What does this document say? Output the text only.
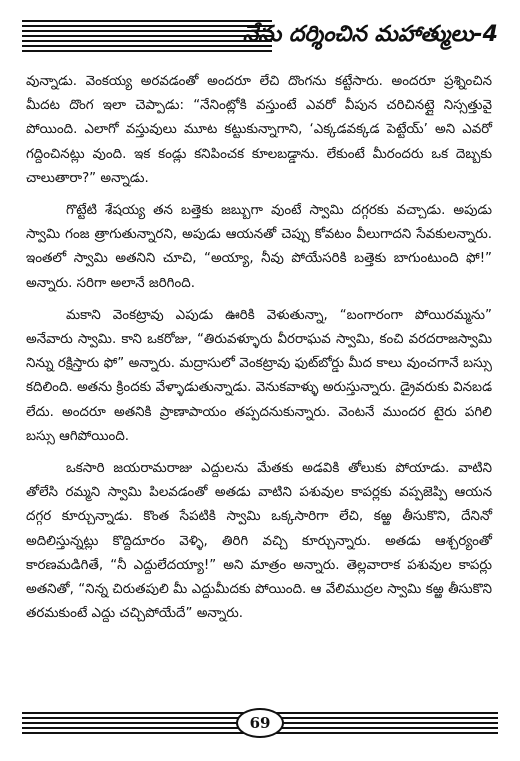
నేను దర్శించిన మహాత్ములు-4

వున్నాడు. వెంకయ్య అరవడంతో అందరూ లేచి దొంగను కట్టేసారు. అందరూ ప్రశ్నించిన మీదట దొంగ ఇలా చెప్పాడు: “నేనింట్లోకి వస్తుంటే ఎవరో వీపున చరిచినట్లై నిస్సత్తువై పోయింది. ఎలాగో వస్తువులు మూట కట్టుకున్నాగాని, ‘ఎక్కడవక్కడ పెట్టేయ్’ అని ఎవరో గద్దించినట్లు వుంది. ఇక కండ్లు కనిపించక కూలబడ్డాను. లేకుంటే మీరందరు ఒక దెబ్బకు చాలుతారా?” అన్నాడు.

గొట్టేటి శేషయ్య తన బత్తెకు జబ్బుగా వుంటే స్వామి దగ్గరకు వచ్చాడు. అపుడు స్వామి గంజ త్రాగుతున్నారని, అపుడు ఆయనతో చెప్పు కోవటం వీలుగాదని సేవకులన్నారు. ఇంతలో స్వామి అతనిని చూచి, “అయ్యా, నీవు పోయేసరికి బత్తెకు బాగుంటుంది ఫో!” అన్నారు. సరిగా అలానే జరిగింది.

మకాని వెంకట్రావు ఎపుడు ఊరికి వెళుతున్నా, “బంగారంగా పోయిరమ్మను” అనేవారు స్వామి. కాని ఒకరోజు, “తిరువళ్ళూరు వీరరాఘవ స్వామి, కంచి వరదరాజస్వామి నిన్ను రక్షిస్తారు ఫో” అన్నారు. మద్రాసులో వెంకట్రావు ఫుట్‌బోర్డు మీద కాలు వుంచగానే బస్సు కదిలింది. అతను క్రిందకు వేళ్ళాడుతున్నాడు. వెనుకవాళ్ళు అరుస్తున్నారు. డ్రైవరుకు వినబడ లేదు. అందరూ అతనికి ప్రాణాపాయం తప్పదనుకున్నారు. వెంటనే ముందర టైరు పగిలి బస్సు ఆగిపోయింది.

ఒకసారి జయరామరాజు ఎద్దులను మేతకు అడవికి తోలుకు పోయాడు. వాటిని తోలేసి రమ్మని స్వామి పిలవడంతో అతడు వాటిని పశువుల కాపర్లకు వప్పజెప్పి ఆయన దగ్గర కూర్చున్నాడు. కొంత సేపటికి స్వామి ఒక్కసారిగా లేచి, కఱ్ఱ తీసుకొని, దేనినో అదిలిస్తున్నట్లు కొద్దిదూరం వెళ్ళి, తిరిగి వచ్చి కూర్చున్నారు. అతడు ఆశ్చర్యంతో కారణమడిగితే, “నీ ఎద్దులేదయ్యా!” అని మాత్రం అన్నారు. తెల్లవారాక పశువుల కాపర్లు అతనితో, “నిన్న చిరుతపులి మీ ఎద్దుమీదకు పోయింది. ఆ వేలిముద్రల స్వామి కఱ్ఱ తీసుకొని తరమకుంటే ఎద్దు చచ్చిపోయేదే” అన్నారు.

69
